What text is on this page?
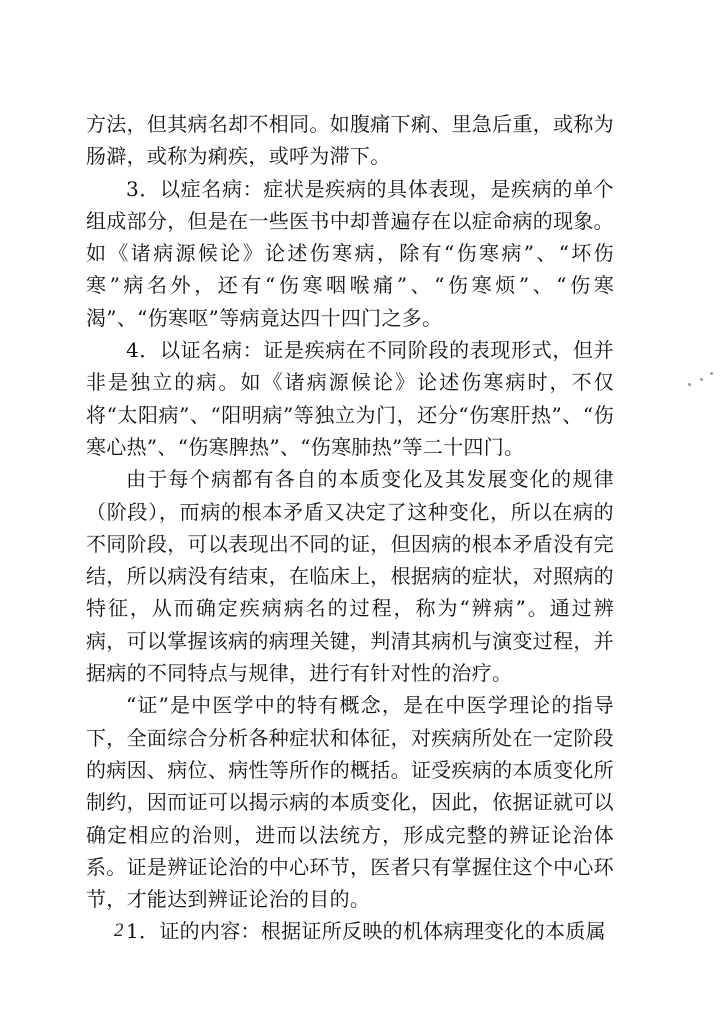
方法，但其病名却不相同。如腹痛下痢、里急后重，或称为肠澼，或称为痢疾，或呼为滞下。

3．以症名病：症状是疾病的具体表现，是疾病的单个组成部分，但是在一些医书中却普遍存在以症命病的现象。如《诸病源候论》论述伤寒病，除有“伤寒病”、“坏伤寒”病名外，还有“伤寒咽喉痛”、“伤寒烦”、“伤寒渴”、“伤寒呕”等病竟达四十四门之多。

4．以证名病：证是疾病在不同阶段的表现形式，但并非是独立的病。如《诸病源候论》论述伤寒病时，不仅将“太阳病”、“阳明病”等独立为门，还分“伤寒肝热”、“伤寒心热”、“伤寒脾热”、“伤寒肺热”等二十四门。

由于每个病都有各自的本质变化及其发展变化的规律（阶段），而病的根本矛盾又决定了这种变化，所以在病的不同阶段，可以表现出不同的证，但因病的根本矛盾没有完结，所以病没有结束，在临床上，根据病的症状，对照病的特征，从而确定疾病病名的过程，称为“辨病”。通过辨病，可以掌握该病的病理关键，判清其病机与演变过程，并据病的不同特点与规律，进行有针对性的治疗。

“证”是中医学中的特有概念，是在中医学理论的指导下，全面综合分析各种症状和体征，对疾病所处在一定阶段的病因、病位、病性等所作的概括。证受疾病的本质变化所制约，因而证可以揭示病的本质变化，因此，依据证就可以确定相应的治则，进而以法统方，形成完整的辨证论治体系。证是辨证论治的中心环节，医者只有掌握住这个中心环节，才能达到辨证论治的目的。

1．证的内容：根据证所反映的机体病理变化的本质属

2
